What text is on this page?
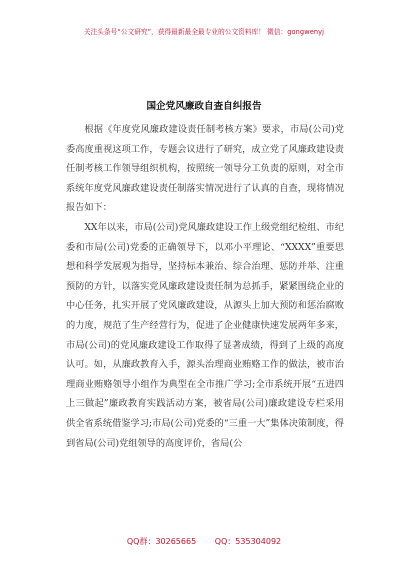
关注头条号“公文研究”，获得最新最全最专业的公文资料库！ 微信：gongwenyj
国企党风廉政自查自纠报告

根据《年度党风廉政建设责任制考核方案》要求，市局(公司)党委高度重视这项工作，专题会议进行了研究，成立党了风廉政建设责任制考核工作领导组织机构，按照统一领导分工负责的原则，对全市系统年度党风廉政建设责任制落实情况进行了认真的自查，现将情况报告如下：

XX年以来，市局(公司)党风廉政建设工作上级党组纪检组、市纪委和市局(公司)党委的正确领导下，以邓小平理论、“XXXX”重要思想和科学发展观为指导，坚持标本兼治、综合治理、惩防并举、注重预防的方针，以落实党风廉政建设责任制为总抓手，紧紧围绕企业的中心任务，扎实开展了党风廉政建设，从源头上加大预防和惩治腐败的力度，规范了生产经营行为，促进了企业健康快速发展两年多来，市局(公司)的党风廉政建设工作取得了显著成绩，得到了上级的高度认可。如，从廉政教育入手，源头治理商业贿赂工作的做法，被市治理商业贿赂领导小组作为典型在全市推广学习;全市系统开展“五进四上三做起”廉政教育实践活动方案，被省局(公司)廉政建设专栏采用供全省系统借鉴学习;市局(公司)党委的“三重一大”集体决策制度，得到省局(公司)党组领导的高度评价，省局(公

QQ群：30265665 QQ：535304092
